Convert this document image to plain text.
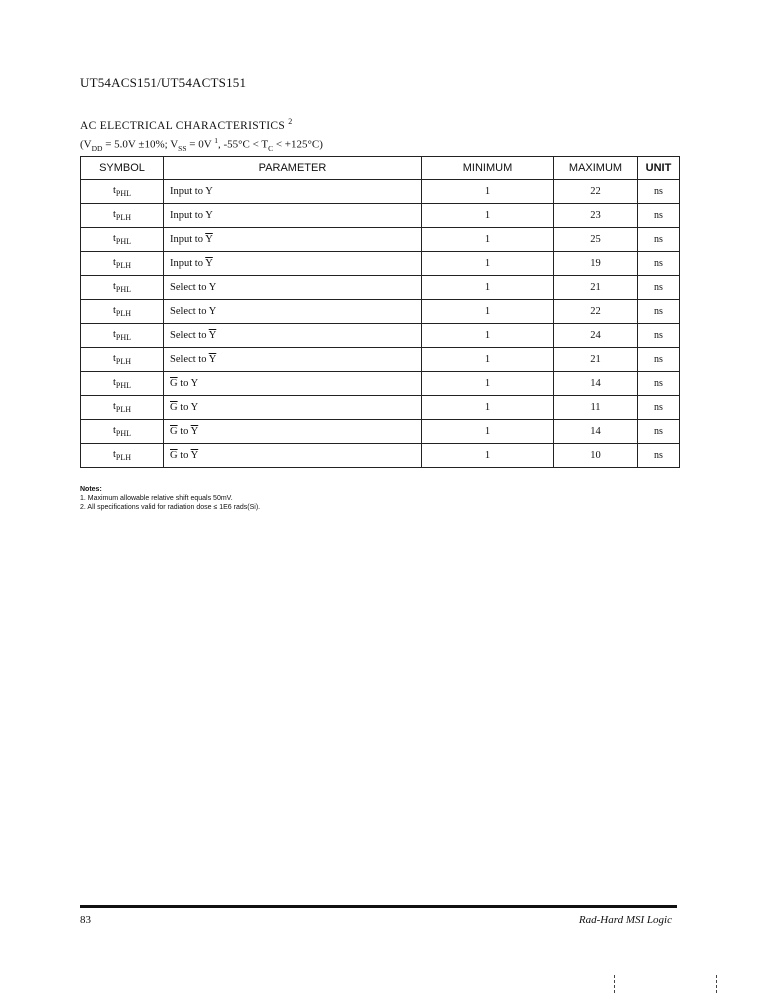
UT54ACS151/UT54ACTS151
AC ELECTRICAL CHARACTERISTICS $^2$
($V_{DD} = 5.0V \pm 10\%$; $V_{SS} = 0V$ $^1$, $-55^\circ C < T_C < +125^\circ C$)
SYMBOL	PARAMETER	MINIMUM	MAXIMUM	UNIT
$t_{PHL}$	Input to Y	1	22	ns
$t_{PLH}$	Input to Y	1	23	ns
$t_{PHL}$	Input to $\overline{Y}$	1	25	ns
$t_{PLH}$	Input to $\overline{Y}$	1	19	ns
$t_{PHL}$	Select to Y	1	21	ns
$t_{PLH}$	Select to Y	1	22	ns
$t_{PHL}$	Select to $\overline{Y}$	1	24	ns
$t_{PLH}$	Select to $\overline{Y}$	1	21	ns
$t_{PHL}$	$\overline{G}$ to Y	1	14	ns
$t_{PLH}$	$\overline{G}$ to Y	1	11	ns
$t_{PHL}$	$\overline{G}$ to $\overline{Y}$	1	14	ns
$t_{PLH}$	$\overline{G}$ to $\overline{Y}$	1	10	ns
Notes:
1. Maximum allowable relative shift equals 50mV.
2. All specifications valid for radiation dose ≤ 1E6 rads(Si).
83	Rad-Hard MSI Logic
